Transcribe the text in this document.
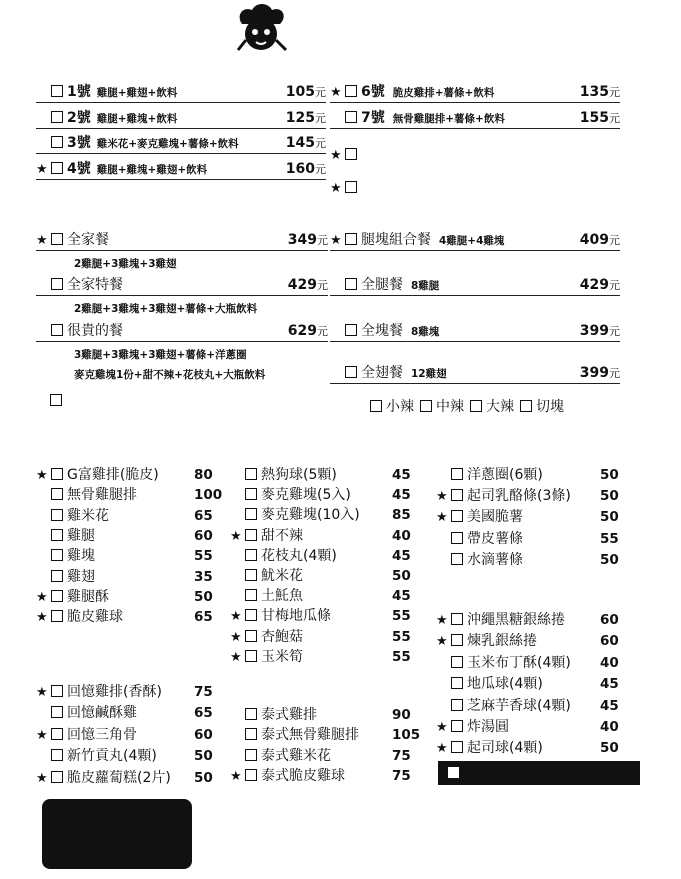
1號 雞腿+雞翅+飲料	105元
2號 雞腿+雞塊+飲料	125元
3號 雞米花+麥克雞塊+薯條+飲料	145元
★ 4號 雞腿+雞塊+雞翅+飲料	160元
★ 6號 脆皮雞排+薯條+飲料	135元
7號 無骨雞腿排+薯條+飲料	155元
★
★
★ 全家餐	349元
2雞腿+3雞塊+3雞翅
全家特餐	429元
2雞腿+3雞塊+3雞翅+薯條+大瓶飲料
很貴的餐	629元
3雞腿+3雞塊+3雞翅+薯條+洋蔥圈
麥克雞塊1份+甜不辣+花枝丸+大瓶飲料
★ 腿塊組合餐 4雞腿+4雞塊	409元
全腿餐 8雞腿	429元
全塊餐 8雞塊	399元
全翅餐 12雞翅	399元
小辣 中辣 大辣 切塊
★ G富雞排(脆皮)	80
無骨雞腿排	100
雞米花	65
雞腿	60
雞塊	55
雞翅	35
★ 雞腿酥	50
★ 脆皮雞球	65
★ 回憶雞排(香酥) 75
回憶鹹酥雞	65
★ 回憶三角骨	60
新竹貢丸(4顆)	50
★ 脆皮蘿蔔糕(2片) 50
熱狗球(5顆)	45
麥克雞塊(5入)	45
麥克雞塊(10入) 85
★ 甜不辣	40
花枝丸(4顆)	45
魷米花	50
土魠魚	45
★ 甘梅地瓜條	55
★ 杏鮑菇	55
★ 玉米筍	55
泰式雞排	90
泰式無骨雞腿排 105
泰式雞米花	75
★ 泰式脆皮雞球	75
洋蔥圈(6顆)	50
★ 起司乳酪條(3條) 50
★ 美國脆薯	50
帶皮薯條	55
水滴薯條	50
★ 沖繩黑糖銀絲捲	60
★ 煉乳銀絲捲	60
玉米布丁酥(4顆) 40
地瓜球(4顆)	45
芝麻芋香球(4顆) 45
★ 炸湯圓	40
★ 起司球(4顆)	50
